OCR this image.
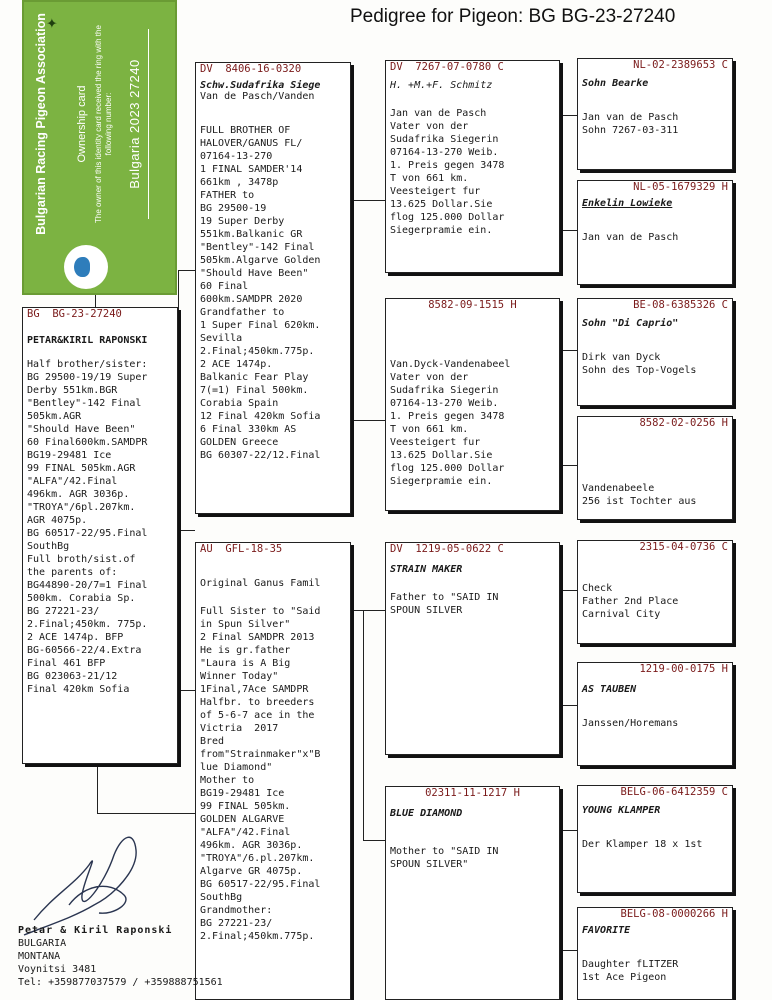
Pedigree for Pigeon: BG BG-23-27240
Bulgarian Racing Pigeon Association	Ownership card The owner of this identity card received the ring with the following number: Bulgaria 2023 27240
✦
BG BG-23-27240
PETAR&KIRIL RAPONSKI
Half brother/sister:
BG 29500-19/19 Super
Derby 551km.BGR
"Bentley"-142 Final
505km.AGR
"Should Have Been"
60 Final600km.SAMDPR
BG19-29481 Ice
99 FINAL 505km.AGR
"ALFA"/42.Final
496km. AGR 3036p.
"TROYA"/6pl.207km.
AGR 4075p.
BG 60517-22/95.Final
SouthBg
Full broth/sist.of
the parents of:
BG44890-20/7=1 Final
500km. Corabia Sp.
BG 27221-23/
2.Final;450km. 775p.
2 ACE 1474p. BFP
BG-60566-22/4.Extra
Final 461 BFP
BG 023063-21/12
Final 420km Sofia
DV 8406-16-0320
Schw.Sudafrika Siege
Van de Pasch/Vanden
FULL BROTHER OF
HALOVER/GANUS FL/
07164-13-270
1 FINAL SAMDER'14
661km , 3478p
FATHER to
BG 29500-19
19 Super Derby
551km.Balkanic GR
"Bentley"-142 Final
505km.Algarve Golden
"Should Have Been"
60 Final
600km.SAMDPR 2020
Grandfather to
1 Super Final 620km.
Sevilla
2.Final;450km.775p.
2 ACE 1474p.
Balkanic Fear Play
7(=1) Final 500km.
Corabia Spain
12 Final 420km Sofia
6 Final 330km AS
GOLDEN Greece
BG 60307-22/12.Final
AU GFL-18-35
Original Ganus Famil
Full Sister to "Said
in Spun Silver"
2 Final SAMDPR 2013
He is gr.father
"Laura is A Big
Winner Today"
1Final,7Ace SAMDPR
Halfbr. to breeders
of 5-6-7 ace in the
Victria  2017
Bred
from"Strainmaker"x"B
lue Diamond"
Mother to
BG19-29481 Ice
99 FINAL 505km.
GOLDEN ALGARVE
"ALFA"/42.Final
496km. AGR 3036p.
"TROYA"/6.pl.207km.
Algarve GR 4075p.
BG 60517-22/95.Final
SouthBg
Grandmother:
BG 27221-23/
2.Final;450km.775p.
DV 7267-07-0780 C
H. +M.+F. Schmitz
Jan van de Pasch
Vater von der
Sudafrika Siegerin
07164-13-270 Weib.
1. Preis gegen 3478
T von 661 km.
Veesteigert fur
13.625 Dollar.Sie
flog 125.000 Dollar
Siegerpramie ein.
8582-09-1515 H
Van.Dyck-Vandenabeel
Vater von der
Sudafrika Siegerin
07164-13-270 Weib.
1. Preis gegen 3478
T von 661 km.
Veesteigert fur
13.625 Dollar.Sie
flog 125.000 Dollar
Siegerpramie ein.
DV 1219-05-0622 C
STRAIN MAKER
Father to "SAID IN
SPOUN SILVER
02311-11-1217 H
BLUE DIAMOND
Mother to "SAID IN
SPOUN SILVER"
NL-02-2389653 C
Sohn Bearke
Jan van de Pasch
Sohn 7267-03-311
NL-05-1679329 H
Enkelin Lowieke
Jan van de Pasch
BE-08-6385326 C
Sohn "Di Caprio"
Dirk van Dyck
Sohn des Top-Vogels
8582-02-0256 H
Vandenabeele
256 ist Tochter aus
2315-04-0736 C
Check
Father 2nd Place
Carnival City
1219-00-0175 H
AS TAUBEN
Janssen/Horemans
BELG-06-6412359 C
YOUNG KLAMPER
Der Klamper 18 x 1st
BELG-08-0000266 H
FAVORITE
Daughter fLITZER
1st Ace Pigeon
Petar & Kiril Raponski
BULGARIA
MONTANA
Voynitsi 3481
Tel: +359877037579 / +359888751561
